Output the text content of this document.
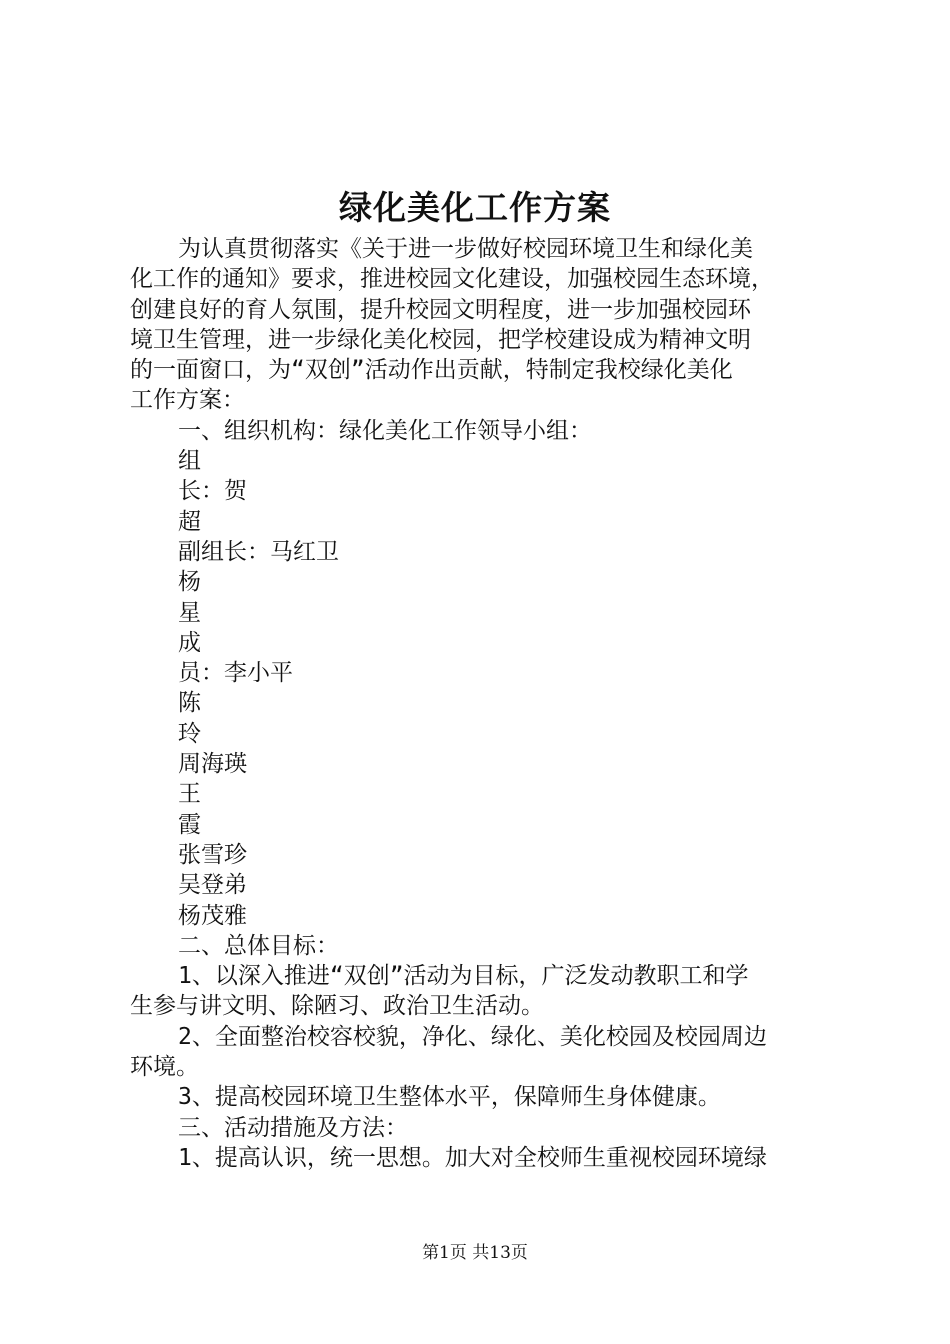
绿化美化工作方案
为认真贯彻落实《关于进一步做好校园环境卫生和绿化美
化工作的通知》要求，推进校园文化建设，加强校园生态环境，
创建良好的育人氛围，提升校园文明程度，进一步加强校园环
境卫生管理，进一步绿化美化校园，把学校建设成为精神文明
的一面窗口，为“双创”活动作出贡献，特制定我校绿化美化
工作方案：
一、组织机构：绿化美化工作领导小组：
组
长：贺
超
副组长：马红卫
杨
星
成
员：李小平
陈
玲
周海瑛
王
霞
张雪珍
吴登弟
杨茂雅
二、总体目标：
1、以深入推进“双创”活动为目标，广泛发动教职工和学
生参与讲文明、除陋习、政治卫生活动。
2、全面整治校容校貌，净化、绿化、美化校园及校园周边
环境。
3、提高校园环境卫生整体水平，保障师生身体健康。
三、活动措施及方法：
1、提高认识，统一思想。加大对全校师生重视校园环境绿
第1页 共13页
